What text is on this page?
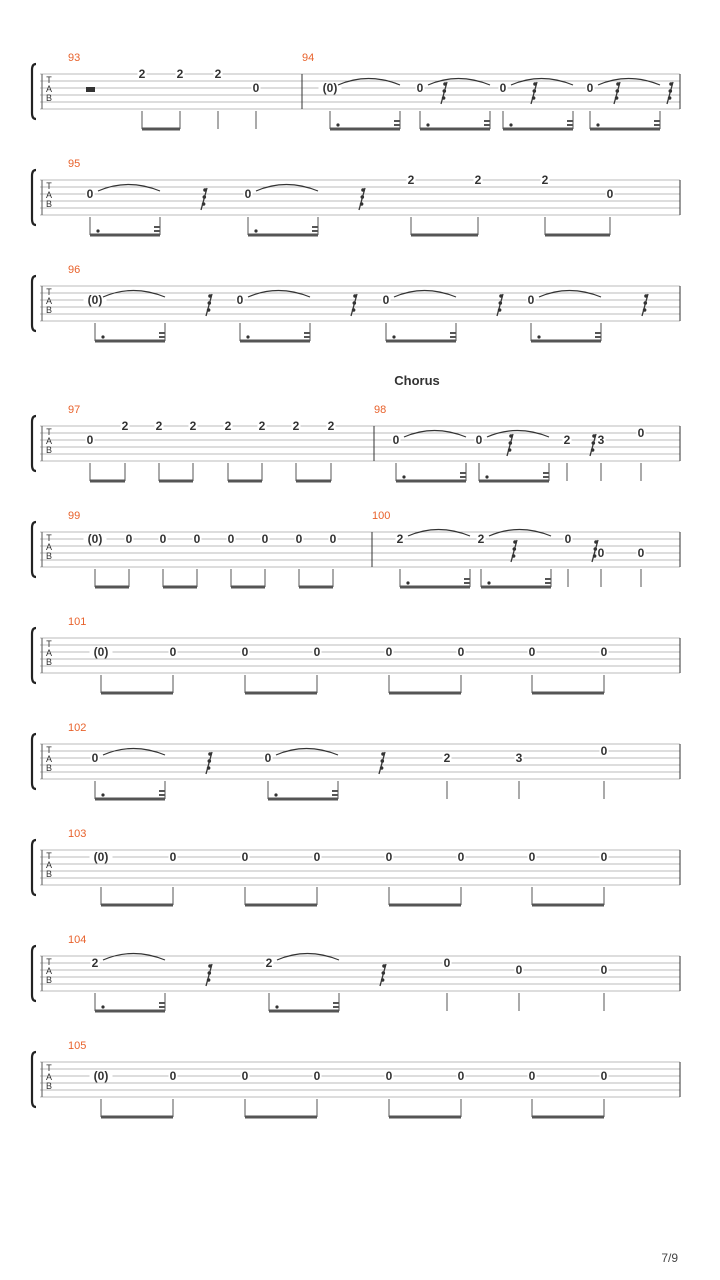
Chorus
7/9
T
A
B
93
2	2	2
0
94
(0)	0	0	0
T
A
B
95
0	0
2	2	2
0
T
A
B
96
(0)	0	0	0
T
A
B
97
0
2 2 2 2 2 2 2
98
0	0	2 3	0
T
A
B
99
(0) 0 0 0 0 0 0 0
100
2	2	0
0	0
T
A
B
101
(0)	0	0	0	0	0	0	0
T
A
B
102
0	0	2	3	0
T
A
B
103
(0)	0	0	0	0	0	0	0
T
A
B
104
2	2	0	0	0
T
A
B
105
(0)	0	0	0	0	0	0	0
